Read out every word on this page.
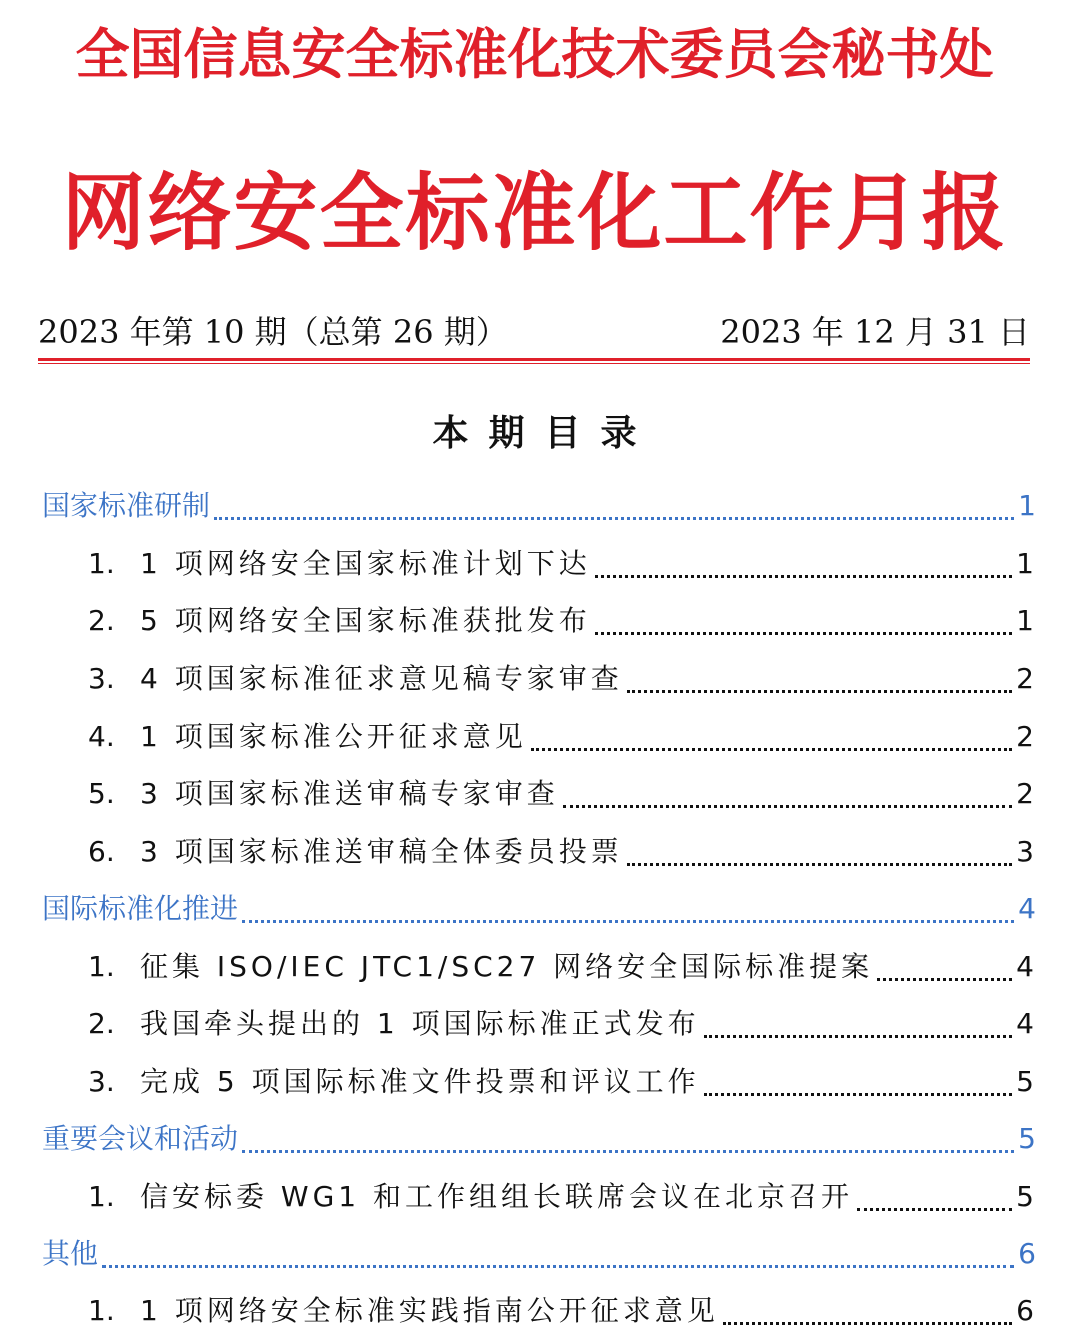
全国信息安全标准化技术委员会秘书处
网络安全标准化工作月报
2023 年第 10 期（总第 26 期）	2023 年 12 月 31 日
本期目录
国家标准研制	1
1. 1 项网络安全国家标准计划下达	1
2. 5 项网络安全国家标准获批发布	1
3. 4 项国家标准征求意见稿专家审查	2
4. 1 项国家标准公开征求意见	2
5. 3 项国家标准送审稿专家审查	2
6. 3 项国家标准送审稿全体委员投票	3
国际标准化推进	4
1. 征集 ISO/IEC JTC1/SC27 网络安全国际标准提案	4
2. 我国牵头提出的 1 项国际标准正式发布	4
3. 完成 5 项国际标准文件投票和评议工作	5
重要会议和活动	5
1. 信安标委 WG1 和工作组组长联席会议在北京召开	5
其他	6
1. 1 项网络安全标准实践指南公开征求意见	6
